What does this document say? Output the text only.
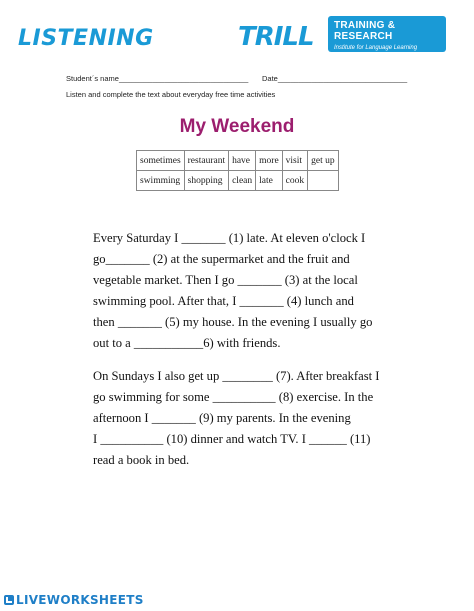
LISTENING	TRILL TRAINING & RESEARCH
Institute for Language Learning
Student´s name_______________________________ Date_______________________________
Listen and complete the text about everyday free time activities
My Weekend
sometimes	restaurant	have	more	visit	get up
swimming	shopping	clean	late	cook	
Every Saturday I _______ (1) late. At eleven o'clock I
go_______ (2) at the supermarket and the fruit and
vegetable market. Then I go _______ (3) at the local
swimming pool. After that, I _______ (4) lunch and
then _______ (5) my house. In the evening I usually go
out to a ___________6) with friends.
On Sundays I also get up ________ (7). After breakfast I
go swimming for some __________ (8) exercise. In the
afternoon I _______ (9) my parents. In the evening
I __________ (10) dinner and watch TV. I ______ (11)
read a book in bed.
LIVEWORKSHEETS
